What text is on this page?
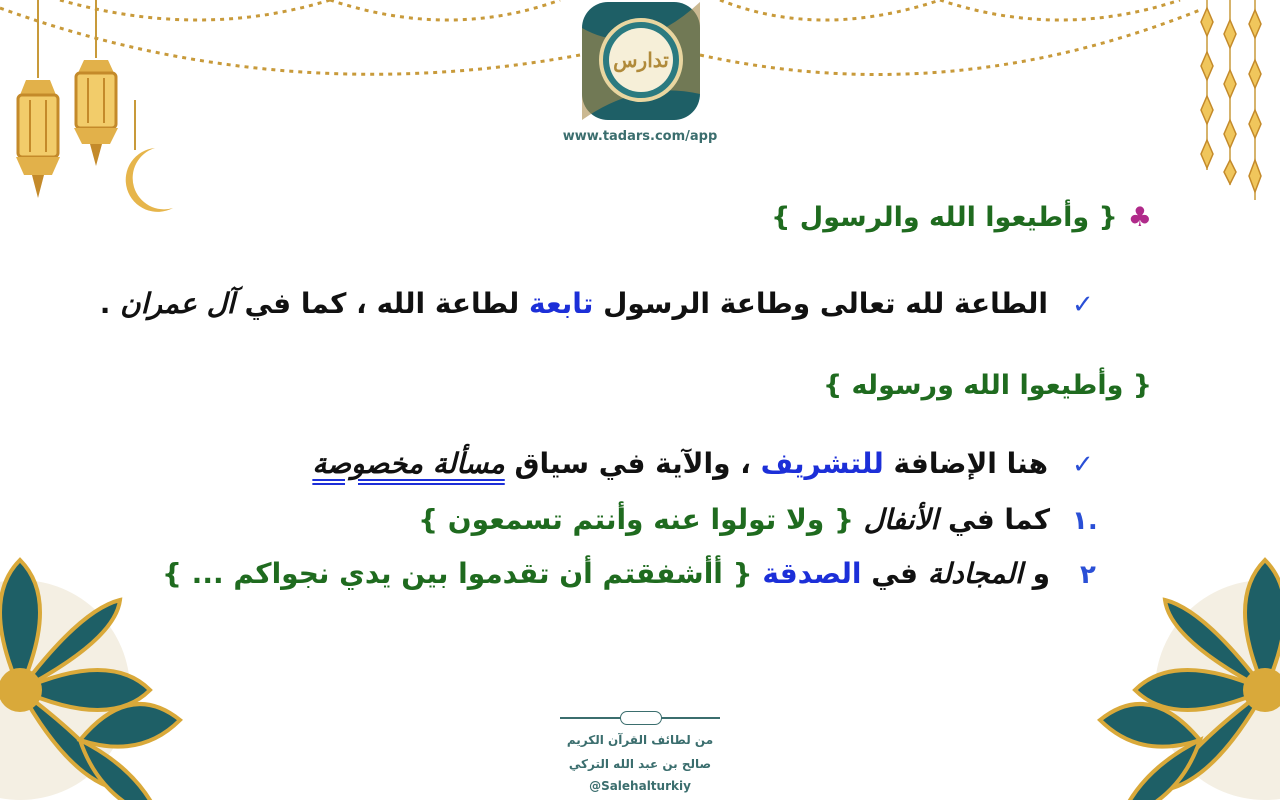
تدارس
www.tadars.com/app
♣{ وأطيعوا الله والرسول }
✓
الطاعة لله تعالى وطاعة الرسول تابعة لطاعة الله ، كما في آل عمران .
{ وأطيعوا الله ورسوله }
✓
هنا الإضافة للتشريف ، والآية في سياق مسألة مخصوصة
١.
كما في الأنفال { ولا تولوا عنه وأنتم تسمعون }
٢
و المجادلة في الصدقة { أأشفقتم أن تقدموا بين يدي نجواكم ... }
من لطائف القرآن الكريم
صالح بن عبد الله التركي
@Salehalturkiy
